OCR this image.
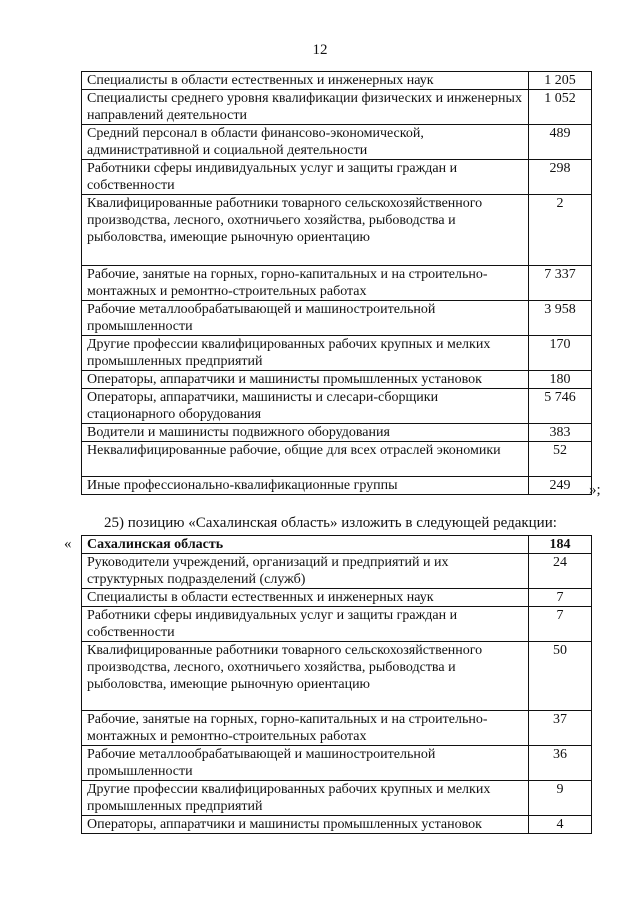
12
Специалисты в области естественных и инженерных наук	1 205
Специалисты среднего уровня квалификации физических и инженерных направлений деятельности	1 052
Средний персонал в области финансово-экономической, административной и социальной деятельности	489
Работники сферы индивидуальных услуг и защиты граждан и собственности	298
Квалифицированные работники товарного сельскохозяйственного производства, лесного, охотничьего хозяйства, рыбоводства и рыболовства, имеющие рыночную ориентацию	2
Рабочие, занятые на горных, горно-капитальных и на строительно-монтажных и ремонтно-строительных работах	7 337
Рабочие металлообрабатывающей и машиностроительной промышленности	3 958
Другие профессии квалифицированных рабочих крупных и мелких промышленных предприятий	170
Операторы, аппаратчики и машинисты промышленных установок	180
Операторы, аппаратчики, машинисты и слесари-сборщики стационарного оборудования	5 746
Водители и машинисты подвижного оборудования	383
Неквалифицированные рабочие, общие для всех отраслей экономики	52
Иные профессионально-квалификационные группы	249 »;
25) позицию «Сахалинская область» изложить в следующей редакции:
« Сахалинская область	184
Руководители учреждений, организаций и предприятий и их структурных подразделений (служб)	24
Специалисты в области естественных и инженерных наук	7
Работники сферы индивидуальных услуг и защиты граждан и собственности	7
Квалифицированные работники товарного сельскохозяйственного производства, лесного, охотничьего хозяйства, рыбоводства и рыболовства, имеющие рыночную ориентацию	50
Рабочие, занятые на горных, горно-капитальных и на строительно-монтажных и ремонтно-строительных работах	37
Рабочие металлообрабатывающей и машиностроительной промышленности	36
Другие профессии квалифицированных рабочих крупных и мелких промышленных предприятий	9
Операторы, аппаратчики и машинисты промышленных установок	4
